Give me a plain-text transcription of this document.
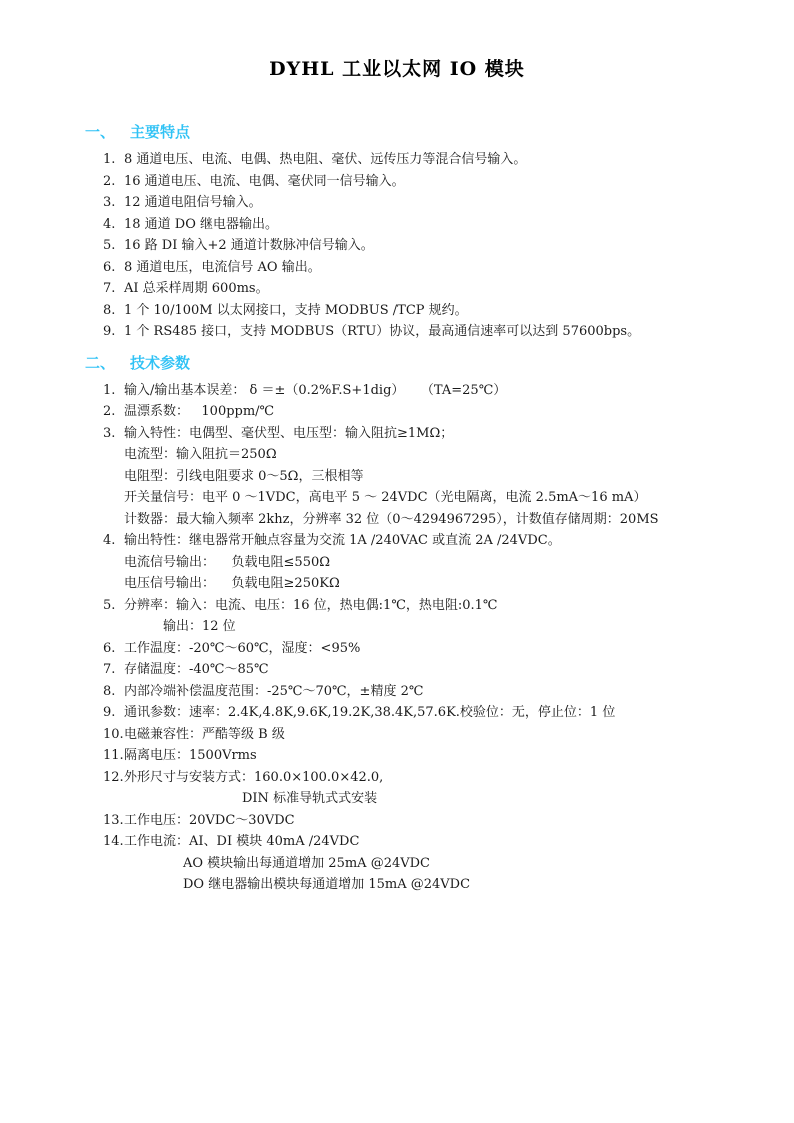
DYHL 工业以太网 IO 模块
一、 主要特点
1. 8 通道电压、电流、电偶、热电阻、毫伏、远传压力等混合信号输入。
2. 16 通道电压、电流、电偶、毫伏同一信号输入。
3. 12 通道电阻信号输入。
4. 18 通道 DO 继电器输出。
5. 16 路 DI 输入+2 通道计数脉冲信号输入。
6. 8 通道电压，电流信号 AO 输出。
7. AI 总采样周期 600ms。
8. 1 个 10/100M 以太网接口，支持 MODBUS /TCP 规约。
9. 1 个 RS485 接口，支持 MODBUS（RTU）协议，最高通信速率可以达到 57600bps。
二、 技术参数
1. 输入/输出基本误差： δ ＝±（0.2%F.S+1dig）    （TA=25℃）
2. 温漂系数：   100ppm/℃
3. 输入特性：电偶型、毫伏型、电压型：输入阻抗≥1MΩ；
电流型：输入阻抗＝250Ω
电阻型：引线电阻要求 0～5Ω，三根相等
开关量信号：电平 0 ～1VDC，高电平 5 ～ 24VDC（光电隔离，电流 2.5mA～16 mA）
计数器：最大输入频率 2khz，分辨率 32 位（0～4294967295），计数值存储周期：20MS
4. 输出特性：继电器常开触点容量为交流 1A /240VAC 或直流 2A /24VDC。
电流信号输出：    负载电阻≤550Ω
电压信号输出：    负载电阻≥250KΩ
5. 分辨率：输入：电流、电压：16 位，热电偶:1℃，热电阻:0.1℃
输出：12 位
6. 工作温度：-20℃～60℃，湿度：<95%
7. 存储温度：-40℃～85℃
8. 内部冷端补偿温度范围：-25℃～70℃，±精度 2℃
9. 通讯参数：速率：2.4K,4.8K,9.6K,19.2K,38.4K,57.6K.校验位：无，停止位：1 位
10. 电磁兼容性：严酷等级 B 级
11. 隔离电压：1500Vrms
12. 外形尺寸与安装方式：160.0×100.0×42.0,
DIN 标准导轨式式安装
13. 工作电压：20VDC～30VDC
14. 工作电流：AI、DI 模块 40mA /24VDC
AO 模块输出每通道增加 25mA @24VDC
DO 继电器输出模块每通道增加 15mA @24VDC
